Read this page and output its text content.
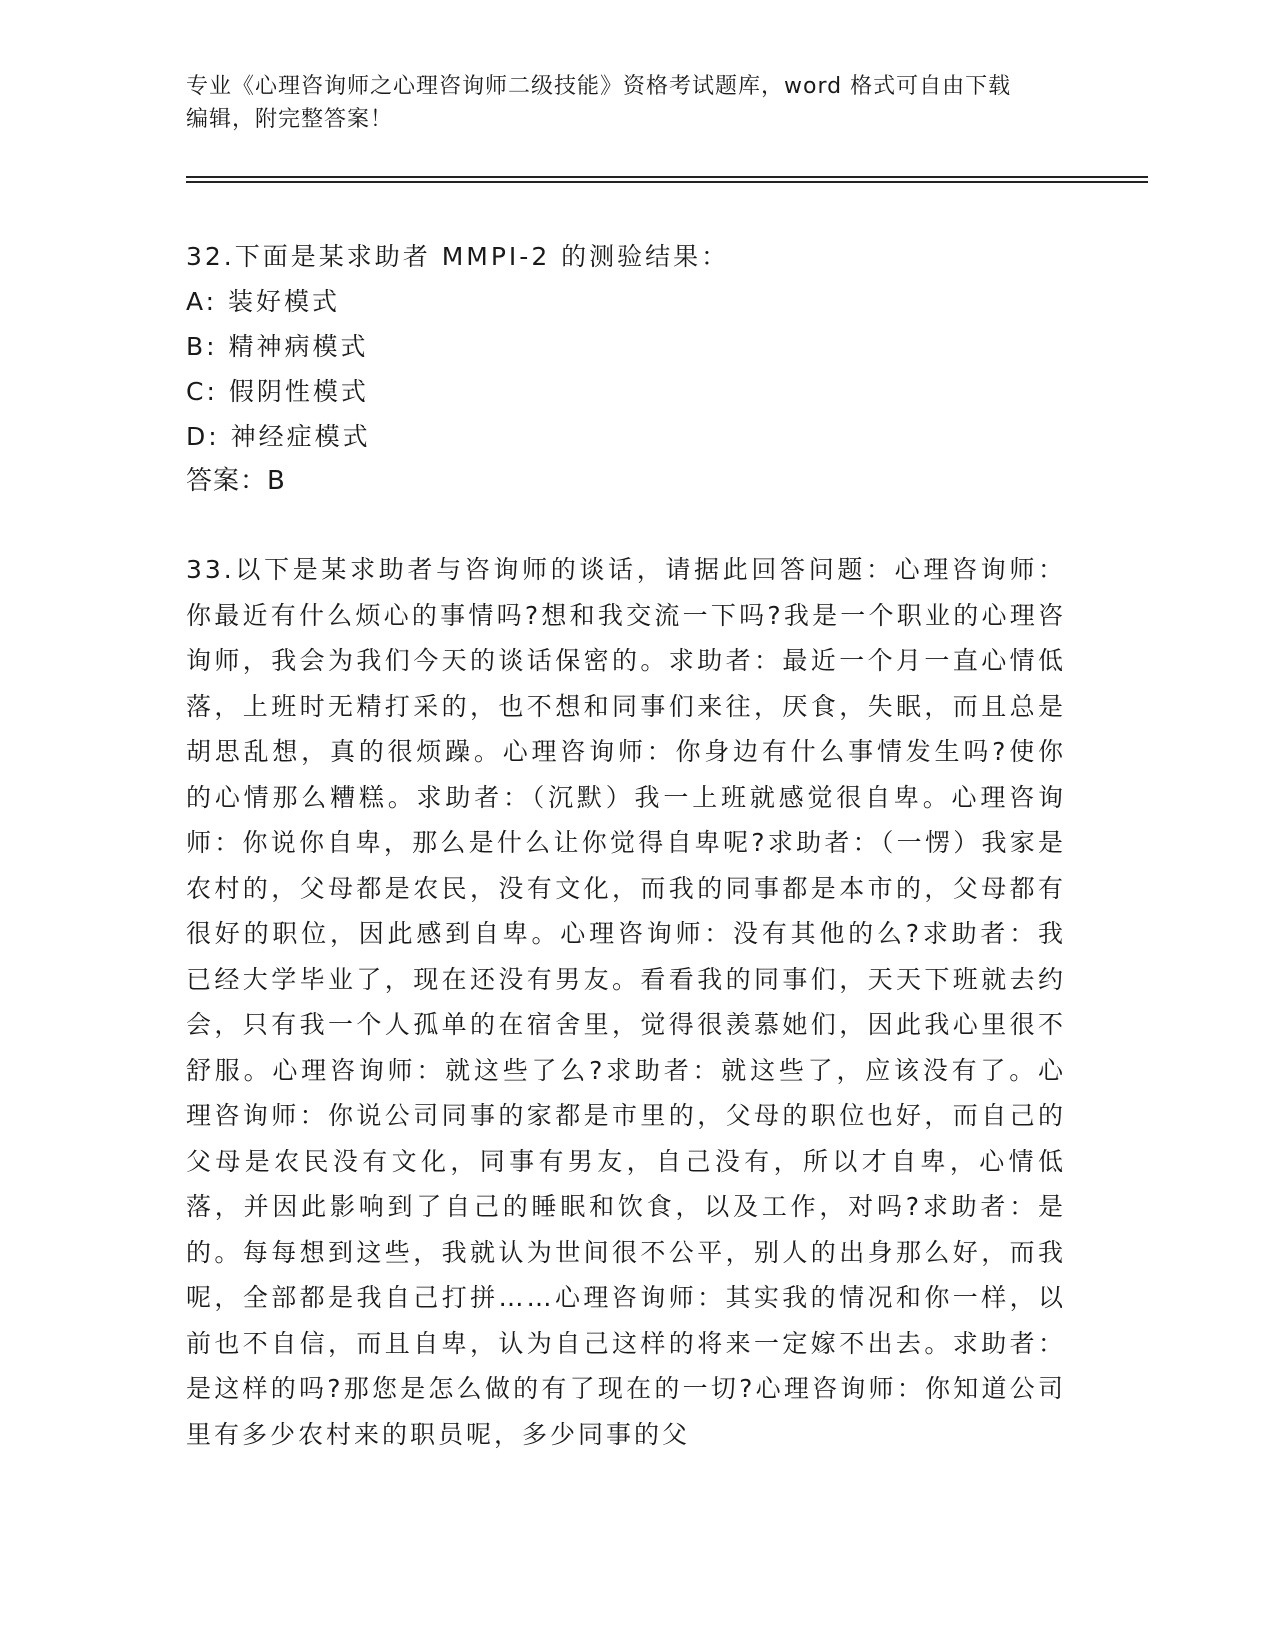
专业《心理咨询师之心理咨询师二级技能》资格考试题库，word 格式可自由下载

编辑，附完整答案！

32.下面是某求助者 MMPI-2 的测验结果：

A: 装好模式

B: 精神病模式

C: 假阴性模式

D: 神经症模式

答案：B

33.以下是某求助者与咨询师的谈话，请据此回答问题：心理咨询师：你最近有什么烦心的事情吗?想和我交流一下吗?我是一个职业的心理咨询师，我会为我们今天的谈话保密的。求助者：最近一个月一直心情低落，上班时无精打采的，也不想和同事们来往，厌食，失眠，而且总是胡思乱想，真的很烦躁。心理咨询师：你身边有什么事情发生吗?使你的心情那么糟糕。求助者：（沉默）我一上班就感觉很自卑。心理咨询师：你说你自卑，那么是什么让你觉得自卑呢?求助者：（一愣）我家是农村的，父母都是农民，没有文化，而我的同事都是本市的，父母都有很好的职位，因此感到自卑。心理咨询师：没有其他的么?求助者：我已经大学毕业了，现在还没有男友。看看我的同事们，天天下班就去约会，只有我一个人孤单的在宿舍里，觉得很羡慕她们，因此我心里很不舒服。心理咨询师：就这些了么?求助者：就这些了，应该没有了。心理咨询师：你说公司同事的家都是市里的，父母的职位也好，而自己的父母是农民没有文化，同事有男友，自己没有，所以才自卑，心情低落，并因此影响到了自己的睡眠和饮食，以及工作，对吗?求助者：是的。每每想到这些，我就认为世间很不公平，别人的出身那么好，而我呢，全部都是我自己打拼……心理咨询师：其实我的情况和你一样，以前也不自信，而且自卑，认为自己这样的将来一定嫁不出去。求助者：是这样的吗?那您是怎么做的有了现在的一切?心理咨询师：你知道公司里有多少农村来的职员呢，多少同事的父
